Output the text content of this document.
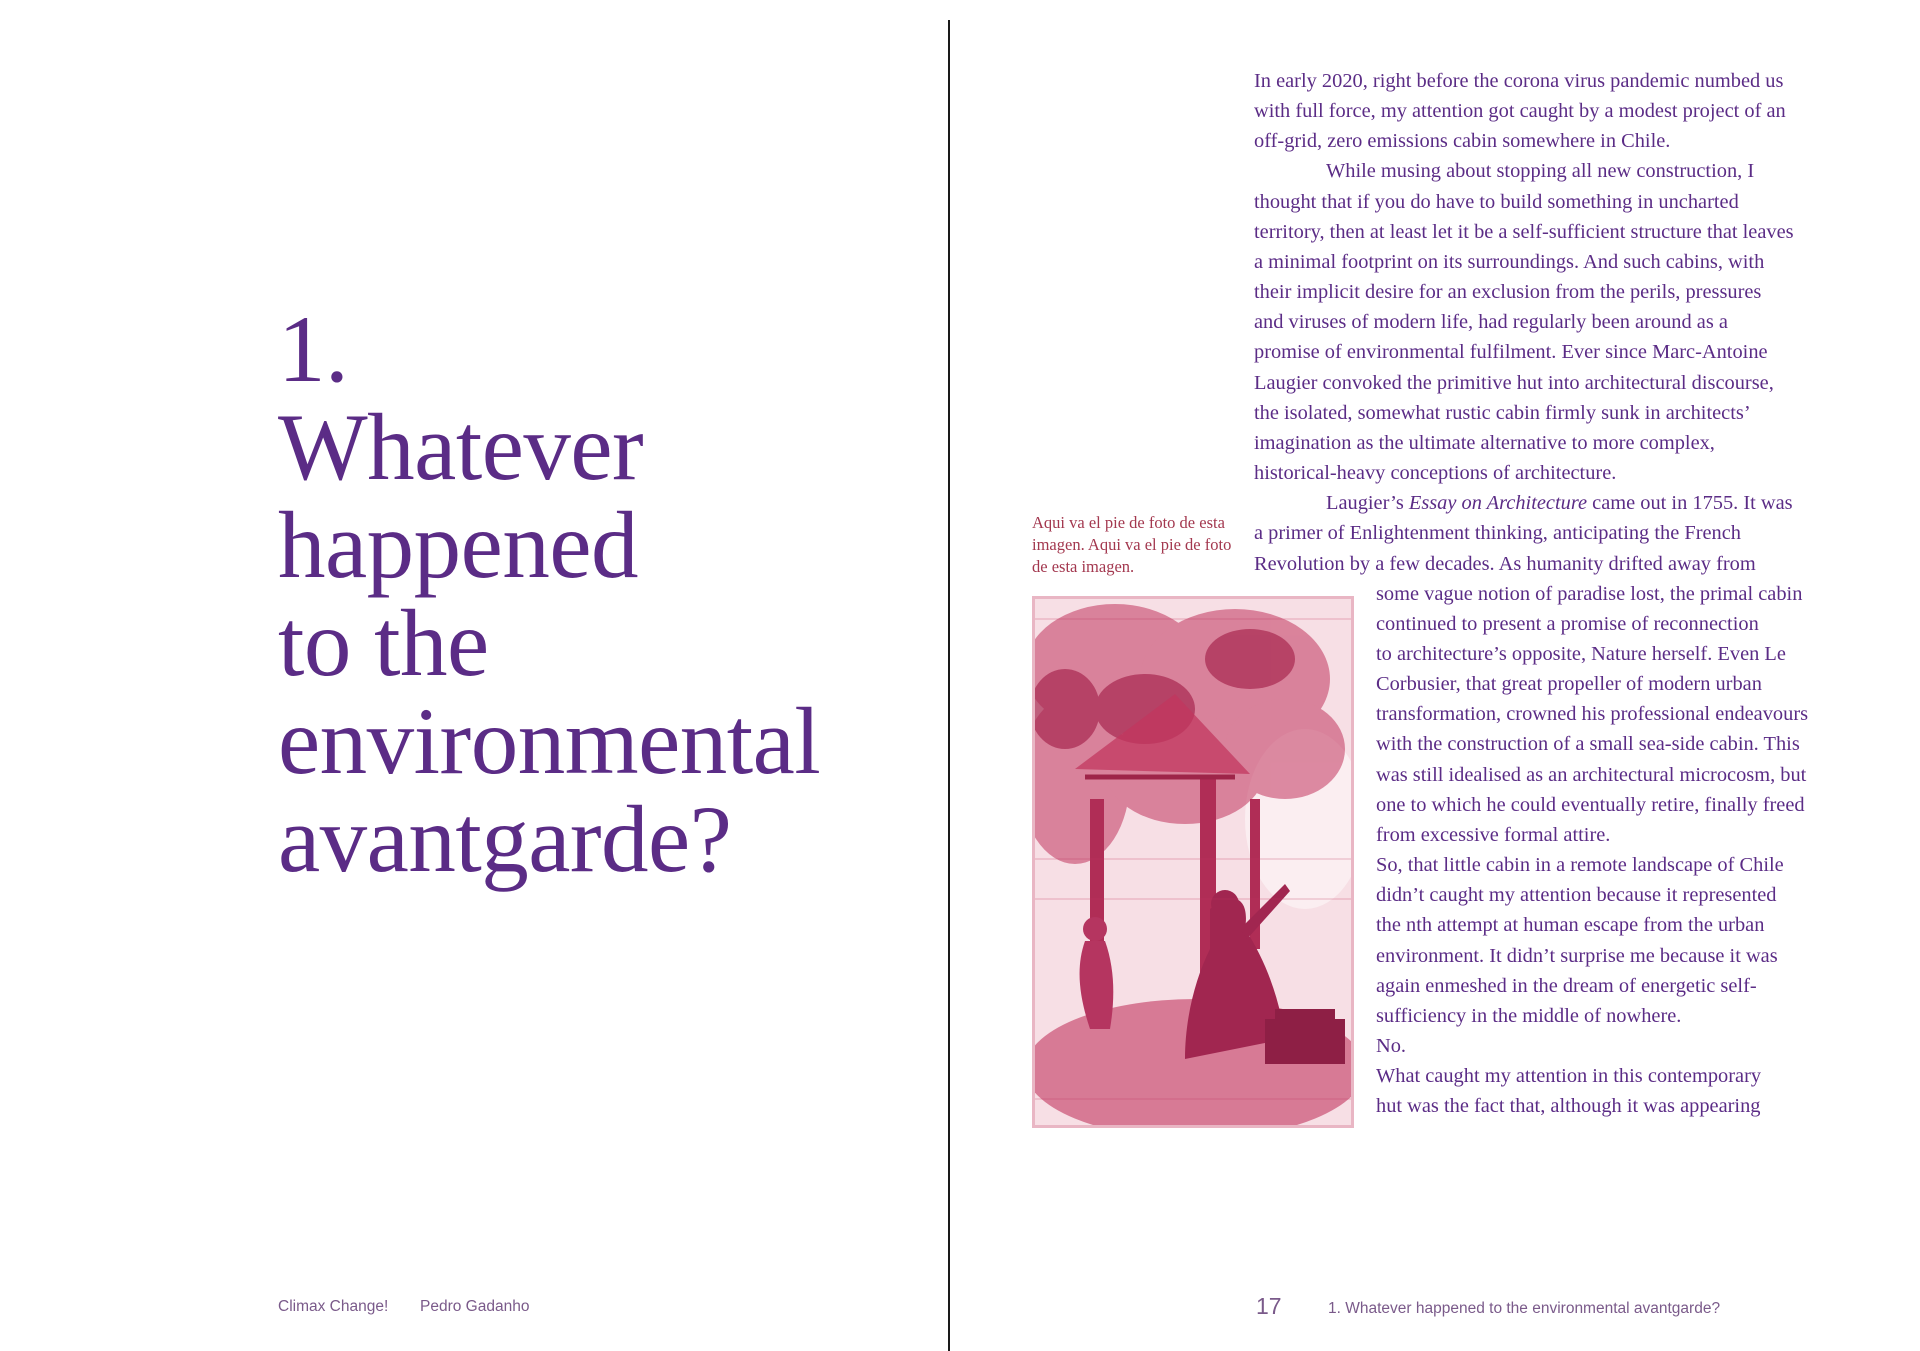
1.
Whatever
happened
to the
environmental
avantgarde?
Climax Change! Pedro Gadanho

Aqui va el pie de foto de esta imagen. Aqui va el pie de foto de esta imagen.

In early 2020, right before the corona virus pandemic numbed us
with full force, my attention got caught by a modest project of an
off-grid, zero emissions cabin somewhere in Chile.

While musing about stopping all new construction, I
thought that if you do have to build something in uncharted
territory, then at least let it be a self-sufficient structure that leaves
a minimal footprint on its surroundings. And such cabins, with
their implicit desire for an exclusion from the perils, pressures
and viruses of modern life, had regularly been around as a
promise of environmental fulfilment. Ever since Marc-Antoine
Laugier convoked the primitive hut into architectural discourse,
the isolated, somewhat rustic cabin firmly sunk in architects’
imagination as the ultimate alternative to more complex,
historical-heavy conceptions of architecture.

Laugier’s Essay on Architecture came out in 1755. It was
a primer of Enlightenment thinking, anticipating the French
Revolution by a few decades. As humanity drifted away from
some vague notion of paradise lost, the primal cabin
continued to present a promise of reconnection
to architecture’s opposite, Nature herself. Even Le
Corbusier, that great propeller of modern urban
transformation, crowned his professional endeavours
with the construction of a small sea-side cabin. This
was still idealised as an architectural microcosm, but
one to which he could eventually retire, finally freed
from excessive formal attire.

So, that little cabin in a remote landscape of Chile
didn’t caught my attention because it represented
the nth attempt at human escape from the urban
environment. It didn’t surprise me because it was
again enmeshed in the dream of energetic self-
sufficiency in the middle of nowhere.

No.

What caught my attention in this contemporary
hut was the fact that, although it was appearing

17	1. Whatever happened to the environmental avantgarde?
